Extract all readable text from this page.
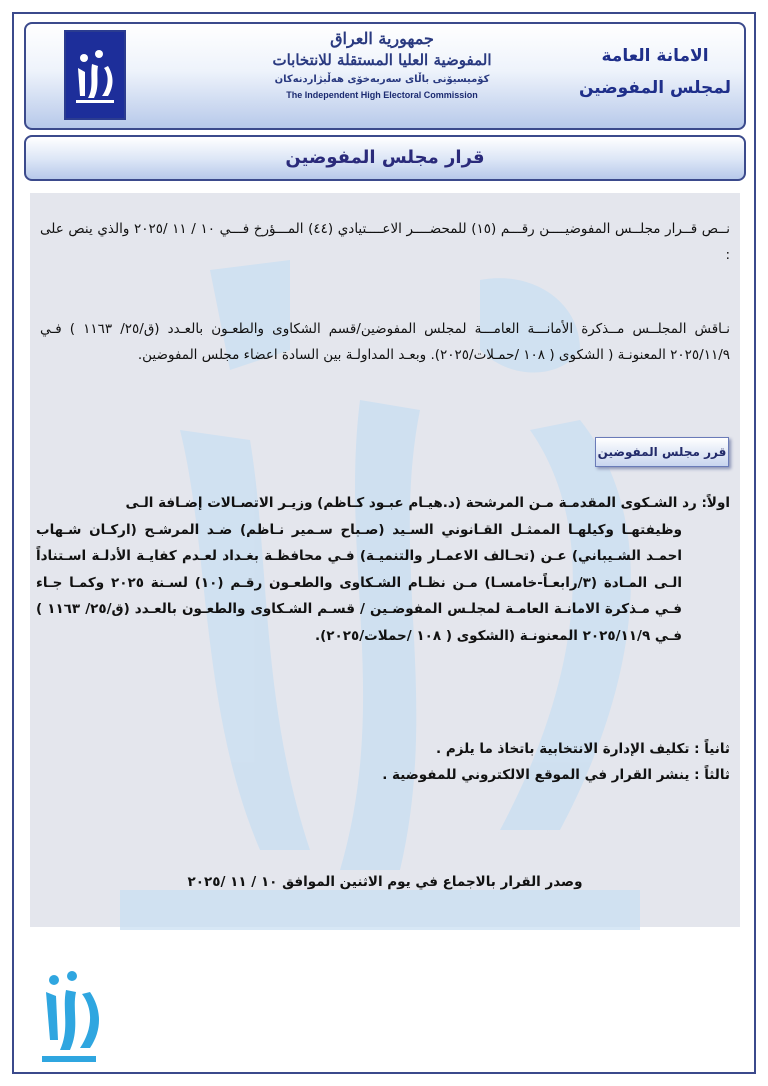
جمهورية العراق
المفوضية العليا المستقلة للانتخابات
كۆمیسیۆنی باڵای سەربەخۆی هەڵبژاردنەكان
The Independent High Electoral Commission
الامانة العامة
لمجلس المفوضين
قرار مجلس المفوضين
نــص قــرار مجلــس المفوضيــــن رقـــم (١٥) للمحضــــر الاعــــتيادي (٤٤) المـــؤرخ فـــي ١٠ / ١١ /٢٠٢٥ والذي ينص على :
نـاقش المجلــس مــذكرة الأمانـــة العامـــة لمجلس المفوضين/قسم الشكاوى والطعـون بالعـدد (ق/٢٥/ ١١٦٣ ) فـي ٢٠٢٥/١١/٩ المعنونـة ( الشكوى ( ١٠٨ /حمـلات/٢٠٢٥). وبعـد المداولـة بين السادة اعضاء مجلس المفوضين.
قرر مجلس المفوضين
اولاً: رد الشـكوى المقدمـة مـن المرشحة (د.هيـام عبـود كـاظم) وزيـر الاتصـالات إضـافة الـى
وظيفتهـا وكيلهـا الممثـل القـانوني السـيد (صـباح سـمير نـاظم) ضـد المرشـح (اركـان شـهاب احمـد الشـيباني) عـن (تحـالف الاعمـار والتنميـة) فـي محافظـة بغـداد لعـدم كفايـة الأدلـة اسـتناداً الـى المـادة (٣/رابعـاً-خامسـا) مـن نظـام الشـكاوى والطعـون رقـم (١٠) لسـنة ٢٠٢٥ وكمـا جـاء فـي مـذكرة الامانـة العامـة لمجلـس المفوضـين / قسـم الشـكاوى والطعـون بالعـدد (ق/٢٥/ ١١٦٣ ) فـي ٢٠٢٥/١١/٩ المعنونـة (الشكوى ( ١٠٨ /حملات/٢٠٢٥).
ثانياً : تكليف الإدارة الانتخابية باتخاذ ما يلزم .
ثالثاً : ينشر القرار في الموقع الالكتروني للمفوضية .
وصدر القرار بالاجماع في يوم الاثنين الموافق ١٠ / ١١ /٢٠٢٥
